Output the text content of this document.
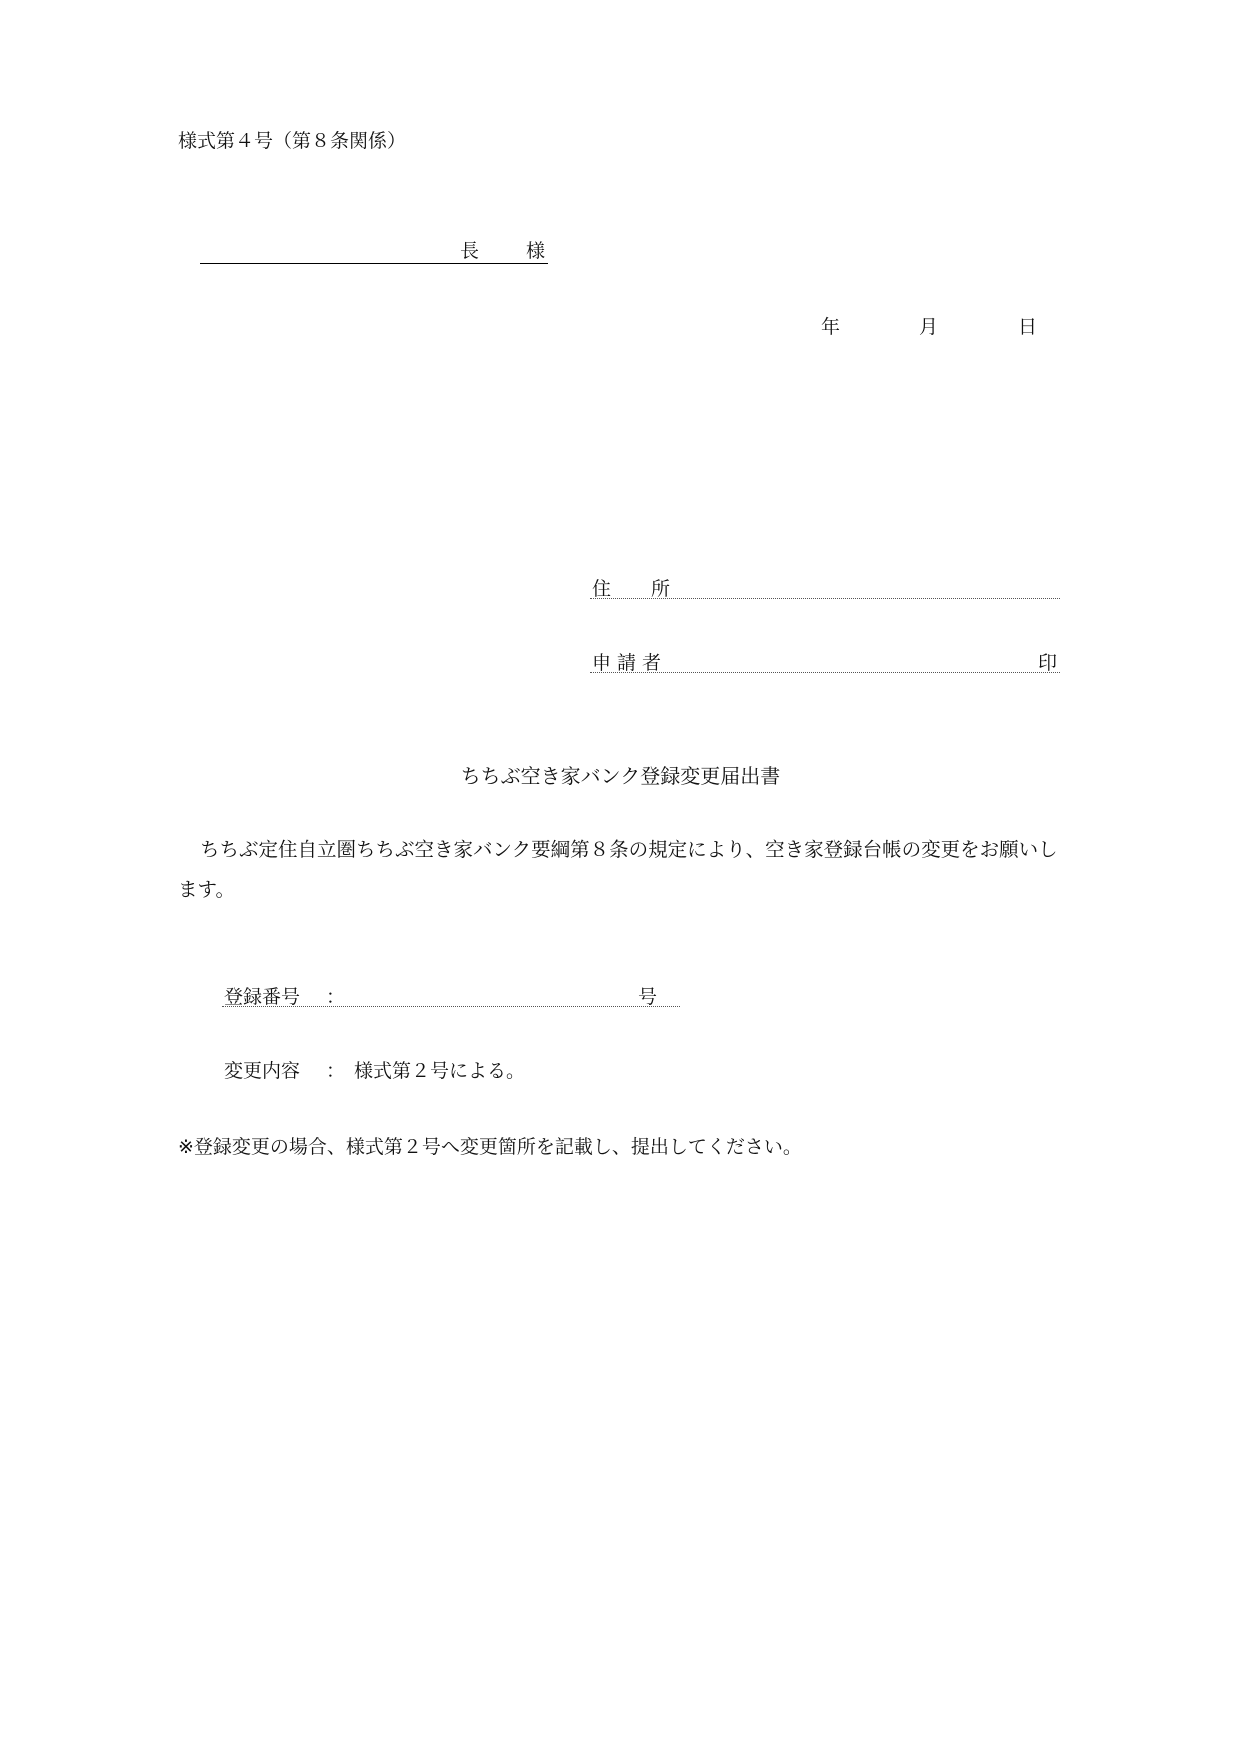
様式第４号（第８条関係）
長　様
年	月	日
住 所
申請者	印
ちちぶ空き家バンク登録変更届出書
ちちぶ定住自立圏ちちぶ空き家バンク要綱第８条の規定により、空き家登録台帳の変更をお願いします。
登録番号 ：	号
変更内容 ： 様式第２号による。
※登録変更の場合、様式第２号へ変更箇所を記載し、提出してください。
